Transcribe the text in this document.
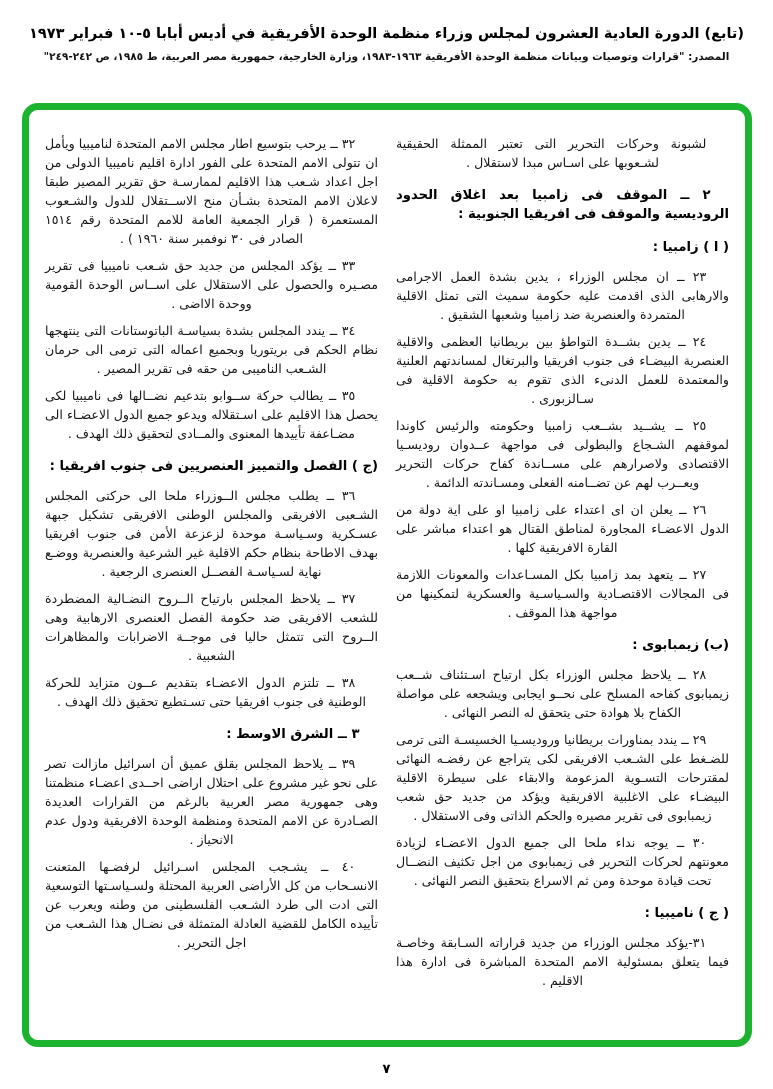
(تابع) الدورة العادية العشرون لمجلس وزراء منظمة الوحدة الأفريقية في أديس أبابا ٥-١٠ فبراير ١٩٧٣
المصدر: "قرارات وتوصيات وبيانات منظمة الوحدة الأفريقية ١٩٦٣-١٩٨٣، وزارة الخارجية، جمهورية مصر العربية، ط ١٩٨٥، ص ٢٤٢-٢٤٩"

لشبونة وحركات التحرير التى تعتبر الممثلة الحقيقية لشـعوبها على اسـاس مبدا لاستقلال .

٢ ــ الموقف فى زامبيا بعد اغلاق الحدود الروديسية والموقف فى افريقيا الجنوبية :

( ا ) زامبيا :

٢٣ ــ ان مجلس الوزراء ، يدين بشدة العمل الاجرامى والارهابى الذى اقدمت عليه حكومة سميث التى تمثل الاقلية المتمردة والعنصرية ضد زامبيا وشعبها الشقيق .

٢٤ ــ يدين بشــدة التواطؤ بين بريطانيا العظمى والاقلية العنصرية البيضـاء فى جنوب افريقيا والبرتغال لمساندتهم العلنية والمعتمدة للعمل الدنىء الذى تقوم به حكومة الاقلية فى سـالزبورى .

٢٥ ــ يشــيد بشــعب زامبيا وحكومته والرئيس كاوندا لموقفهم الشـجاع والبطولى فى مواجهة عــدوان روديسـيا الاقتصادى ولاصرارهم على مســاندة كفاح حركات التحرير ويعــرب لهم عن تضــامنه الفعلى ومسـاندته الدائمة .

٢٦ ــ يعلن ان اى اعتداء على زامبيا او على اية دولة من الدول الاعضـاء المجاورة لمناطق القتال هو اعتداء مباشر على القارة الافريقية كلها .

٢٧ ــ يتعهد بمد زامبيا بكل المسـاعدات والمعونات اللازمة فى المجالات الاقتصـادية والسـياسـية والعسكرية لتمكينها من مواجهة هذا الموقف .

(ب) زيمبابوى :

٢٨ ــ يلاحظ مجلس الوزراء بكل ارتياح اسـتئناف شــعب زيمبابوى كفاحه المسلح على نحــو ايجابى ويشجعه على مواصلة الكفاح بلا هوادة حتى يتحقق له النصر النهائى .

٢٩ ــ يندد بمناورات بريطانيا وروديسـيا الخسيسـة التى ترمى للضـغط على الشـعب الافريقى لكى يتراجع عن رفضـه النهائى لمقترحات التسـوية المزعومة والابقاء على سيطرة الاقلية البيضـاء على الاغلبية الافريقية ويؤكد من جديد حق شعب زيمبابوى فى تقرير مصيره والحكم الذاتى وفى الاستقلال .

٣٠ ــ يوجه نداء ملحا الى جميع الدول الاعضـاء لزيادة معونتهم لحركات التحرير فى زيمبابوى من اجل تكثيف النضــال تحت قيادة موحدة ومن ثم الاسراع بتحقيق النصر النهائى .

( ج ) ناميبيا :

٣١-يؤكد مجلس الوزراء من جديد قراراته السـابقة وخاصـة فيما يتعلق بمسئولية الامم المتحدة المباشرة فى ادارة هذا الاقليم .

٣٢ ــ يرحب بتوسيع اطار مجلس الامم المتحدة لناميبيا ويأمل ان تتولى الامم المتحدة على الفور ادارة اقليم ناميبيا الدولى من اجل اعداد شـعب هذا الاقليم لممارسـة حق تقرير المصير طبقا لاعلان الامم المتحدة بشـأن منح الاســتقلال للدول والشـعوب المستعمرة ( قرار الجمعية العامة للامم المتحدة رقم ١٥١٤ الصادر فى ٣٠ نوفمبر سنة ١٩٦٠ ) .

٣٣ ــ يؤكد المجلس من جديد حق شـعب ناميبيا فى تقرير مصـيره والحصول على الاستقلال على اســاس الوحدة القومية ووحدة الااضى .

٣٤ ــ يندد المجلس بشدة بسياسـة الباتوستانات التى ينتهجها نظام الحكم فى بريتوريا وبجميع اعماله التى ترمى الى حرمان الشـعب الناميبى من حقه فى تقرير المصير .

٣٥ ــ يطالب حركة ســوابو بتدعيم نضــالها فى ناميبيا لكى يحصل هذا الاقليم على اسـتقلاله ويدعو جميع الدول الاعضـاء الى مضـاعفة تأييدها المعنوى والمــادى لتحقيق ذلك الهدف .

(ج ) الفصل والتمييز العنصريين فى جنوب افريقيا :

٣٦ ــ يطلب مجلس الــوزراء ملحا الى حركتى المجلس الشـعبى الافريقى والمجلس الوطنى الافريقى تشكيل جبهة عسـكرية وسـياسـة موحدة لزعزعة الأمن فى جنوب افريقيا بهدف الاطاحة بنظام حكم الاقلية غير الشرعية والعنصرية ووضـع نهاية لسـياسـة الفصــل العنصرى الرجعية .

٣٧ ــ يلاحظ المجلس بارتياح الــروح النضـالية المضطردة للشعب الافريقى ضد حكومة الفصل العنصرى الارهابية وهى الــروح التى تتمثل حاليا فى موجــة الاضرابات والمظاهرات الشعبية .

٣٨ ــ تلتزم الدول الاعضـاء بتقديم عــون متزايد للحركة الوطنية فى جنوب افريقيا حتى تسـتطيع تحقيق ذلك الهدف .

٣ ــ الشرق الاوسط :

٣٩ ــ يلاحظ المجلس بقلق عميق أن اسرائيل مازالت تصر على نحو غير مشروع على احتلال اراضى احــدى اعضـاء منظمتنا وهى جمهورية مصر العربية بالرغم من القرارات العديدة الصـادرة عن الامم المتحدة ومنظمة الوحدة الافريقية ودول عدم الانحياز .

٤٠ ــ يشـجب المجلس اسـرائيل لرفضـها المتعنت الانسـحاب من كل الأراضى العربية المحتلة ولسـياسـتها التوسعية التى ادت الى طرد الشـعب الفلسطينى من وطنه ويعرب عن تأييده الكامل للقضية العادلة المتمثلة فى نضـال هذا الشـعب من اجل التحرير .

٧
